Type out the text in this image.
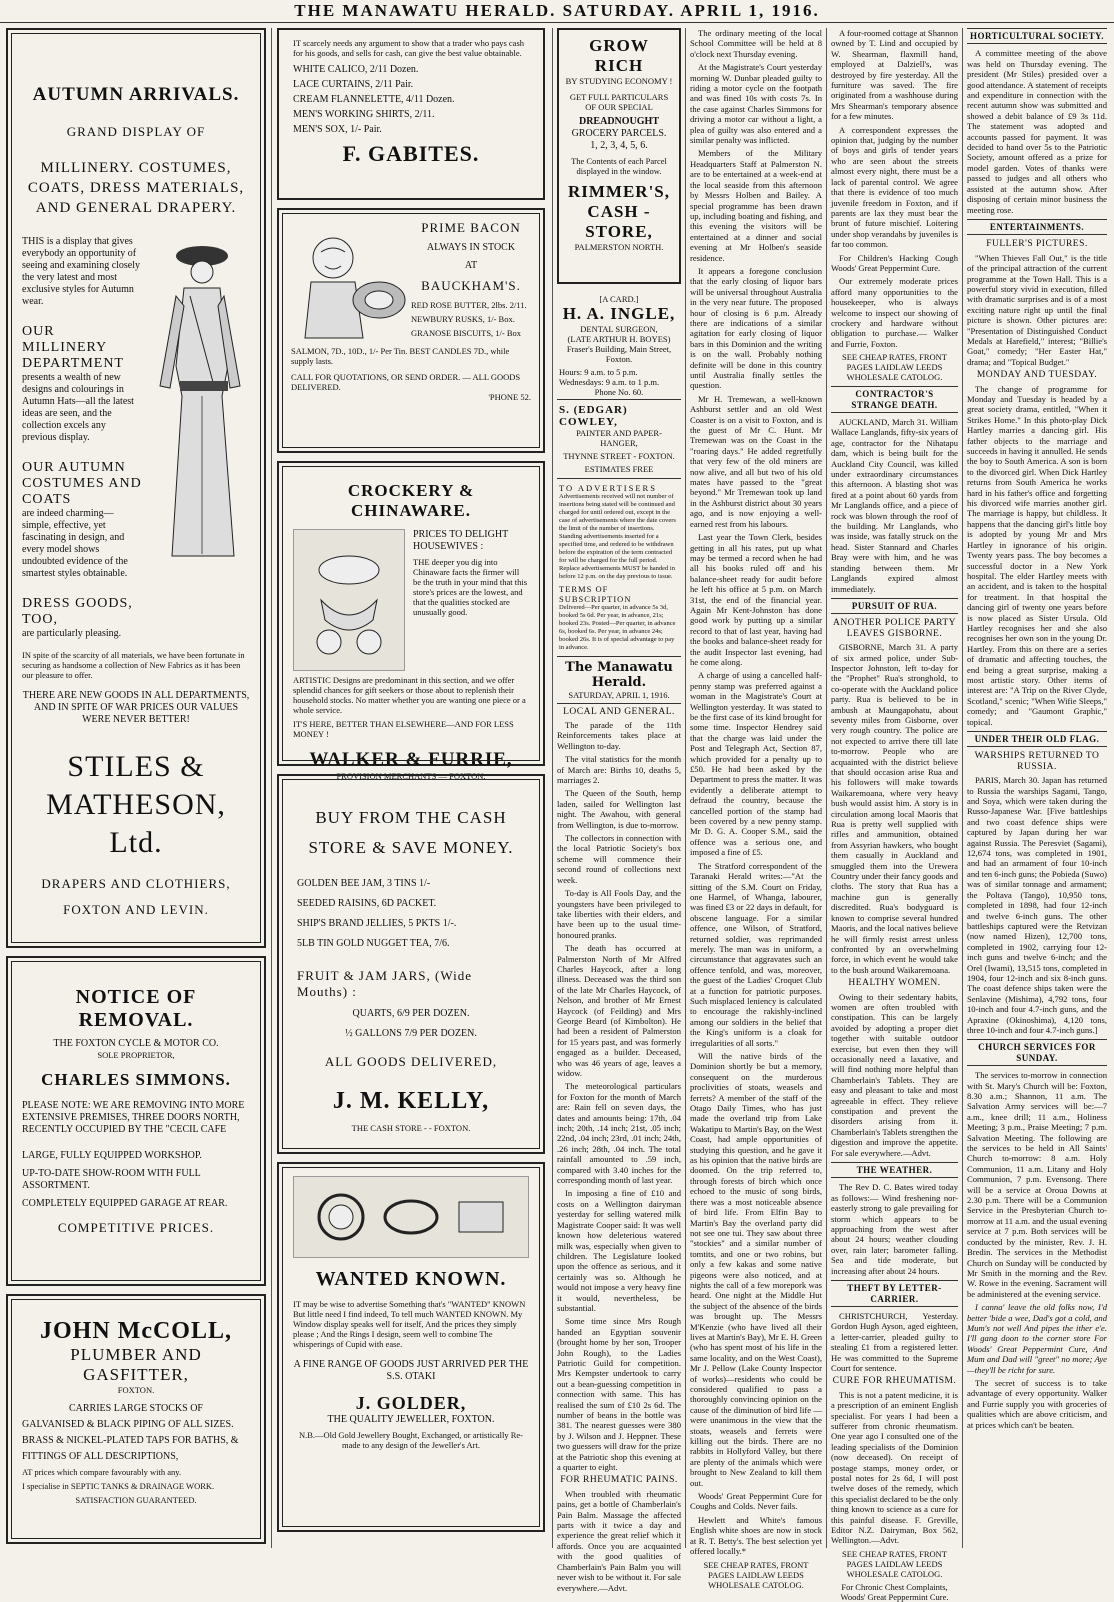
THE MANAWATU HERALD. SATURDAY. APRIL 1, 1916.
AUTUMN ARRIVALS.
GRAND DISPLAY OF
MILLINERY. COSTUMES, COATS, DRESS MATERIALS, AND GENERAL DRAPERY.
THIS is a display that gives everybody an opportunity of seeing and examining closely the very latest and most exclusive styles for Autumn wear.
OUR MILLINERY DEPARTMENT
presents a wealth of new designs and colourings in Autumn Hats—all the latest ideas are seen, and the collection excels any previous display.
OUR AUTUMN COSTUMES AND COATS
are indeed charming—simple, effective, yet fascinating in design, and every model shows undoubted evidence of the smartest styles obtainable.
DRESS GOODS, TOO,
are particularly pleasing.
IN spite of the scarcity of all materials, we have been fortunate in securing as handsome a collection of New Fabrics as it has been our pleasure to offer.
THERE ARE NEW GOODS IN ALL DEPARTMENTS, AND IN SPITE OF WAR PRICES OUR VALUES WERE NEVER BETTER!
STILES & MATHESON, Ltd.
DRAPERS AND CLOTHIERS,
FOXTON AND LEVIN.
NOTICE OF REMOVAL.
THE FOXTON CYCLE & MOTOR CO.
SOLE PROPRIETOR,
CHARLES SIMMONS.
PLEASE NOTE: WE ARE REMOVING INTO MORE EXTENSIVE PREMISES, THREE DOORS NORTH, RECENTLY OCCUPIED BY THE "CECIL CAFE
LARGE, FULLY EQUIPPED WORKSHOP.
UP-TO-DATE SHOW-ROOM WITH FULL ASSORTMENT.
COMPLETELY EQUIPPED GARAGE AT REAR.
COMPETITIVE PRICES.
JOHN McCOLL,
PLUMBER AND GASFITTER,
FOXTON.
CARRIES LARGE STOCKS OF
GALVANISED & BLACK PIPING OF ALL SIZES.
BRASS & NICKEL-PLATED TAPS FOR BATHS, &
FITTINGS OF ALL DESCRIPTIONS,
AT prices which compare favourably with any.
I specialise in SEPTIC TANKS & DRAINAGE WORK.
SATISFACTION GUARANTEED.
IT scarcely needs any argument to show that a trader who pays cash for his goods, and sells for cash, can give the best value obtainable.
WHITE CALICO, 2/11 Dozen.
LACE CURTAINS, 2/11 Pair.
CREAM FLANNELETTE, 4/11 Dozen.
MEN'S WORKING SHIRTS, 2/11.
MEN'S SOX, 1/- Pair.
F. GABITES.
PRIME BACON
ALWAYS IN STOCK
AT
BAUCKHAM'S.
RED ROSE BUTTER, 2lbs. 2/11.
NEWBURY RUSKS, 1/- Box.
GRANOSE BISCUITS, 1/- Box
SALMON, 7D., 10D., 1/- Per Tin. BEST CANDLES 7D., while supply lasts.
CALL FOR QUOTATIONS, OR SEND ORDER. — ALL GOODS DELIVERED.
'PHONE 52.
CROCKERY & CHINAWARE.
PRICES TO DELIGHT HOUSEWIVES :
THE deeper you dig into Chinaware facts the firmer will be the truth in your mind that this store's prices are the lowest, and that the qualities stocked are unusually good.
ARTISTIC Designs are predominant in this section, and we offer splendid chances for gift seekers or those about to replenish their household stocks. No matter whether you are wanting one piece or a whole service.
IT'S HERE, BETTER THAN ELSEWHERE—AND FOR LESS MONEY !
WALKER & FURRIE,
PROVISION MERCHANTS — FOXTON.
BUY FROM THE CASH
STORE & SAVE MONEY.
GOLDEN BEE JAM, 3 TINS 1/-
SEEDED RAISINS, 6D PACKET.
SHIP'S BRAND JELLIES, 5 PKTS 1/-.
5LB TIN GOLD NUGGET TEA, 7/6.
FRUIT & JAM JARS, (Wide Mouths) :
QUARTS, 6/9 PER DOZEN.
½ GALLONS 7/9 PER DOZEN.
ALL GOODS DELIVERED,
J. M. KELLY,
THE CASH STORE - - FOXTON.
WANTED KNOWN.
IT may be wise to advertise Something that's "WANTED" KNOWN But little need I find indeed, To tell much WANTED KNOWN. My Window display speaks well for itself, And the prices they simply please ; And the Rings I design, seem well to combine The whisperings of Cupid with ease.
A FINE RANGE OF GOODS JUST ARRIVED PER THE S.S. OTAKI
J. GOLDER,
THE QUALITY JEWELLER, FOXTON.
N.B.—Old Gold Jewellery Bought, Exchanged, or artistically Re-made to any design of the Jeweller's Art.
GROW RICH
BY STUDYING ECONOMY !
GET FULL PARTICULARS OF OUR SPECIAL
DREADNOUGHT
GROCERY PARCELS.
1, 2, 3, 4, 5, 6.
The Contents of each Parcel displayed in the window.
RIMMER'S,
CASH - STORE,
PALMERSTON NORTH.
[A CARD.]
H. A. INGLE,
DENTAL SURGEON,
(LATE ARTHUR H. BOYES)
Fraser's Building, Main Street, Foxton.
Hours: 9 a.m. to 5 p.m. Wednesdays: 9 a.m. to 1 p.m.
Phone No. 60.
S. (EDGAR) COWLEY,
PAINTER AND PAPER-HANGER,
THYNNE STREET - FOXTON.
ESTIMATES FREE
TO ADVERTISERS
Advertisements received will not number of insertions being stated will be continued and charged for until ordered out, except in the case of advertisements where the date covers the limit of the number of insertions. Standing advertisements inserted for a specified time, and ordered to be withdrawn before the expiration of the term contracted for will be charged for the full period. Replace advertisements MUST be handed in before 12 p.m. on the day previous to issue.
TERMS OF SUBSCRIPTION
Delivered—Per quarter, in advance 5s 3d, booked 5s 6d. Per year, in advance, 21s; booked 23s. Posted—Per quarter, in advance 6s, booked 6s. Per year, in advance 24s; booked 26s. It is of special advantage to pay in advance.
The Manawatu Herald.
SATURDAY, APRIL 1, 1916.
LOCAL AND GENERAL.

The parade of the 11th Reinforcements takes place at Wellington to-day.

The vital statistics for the month of March are: Births 10, deaths 5, marriages 2.

The Queen of the South, hemp laden, sailed for Wellington last night. The Awahou, with general from Wellington, is due to-morrow.

The collectors in connection with the local Patriotic Society's box scheme will commence their second round of collections next week.

To-day is All Fools Day, and the youngsters have been privileged to take liberties with their elders, and have been up to the usual time-honoured pranks.

The death has occurred at Palmerston North of Mr Alfred Charles Haycock, after a long illness. Deceased was the third son of the late Mr Charles Haycock, of Nelson, and brother of Mr Ernest Haycock (of Feilding) and Mrs George Beard (of Kimbolton). He had been a resident of Palmerston for 15 years past, and was formerly engaged as a builder. Deceased, who was 46 years of age, leaves a widow.

The meteorological particulars for Foxton for the month of March are: Rain fell on seven days, the dates and amounts being: 17th, .04 inch; 20th, .14 inch; 21st, .05 inch; 22nd, .04 inch; 23rd, .01 inch; 24th, .26 inch; 28th, .04 inch. The total rainfall amounted to .59 inch, compared with 3.40 inches for the corresponding month of last year.

In imposing a fine of £10 and costs on a Wellington dairyman yesterday for selling watered milk Magistrate Cooper said: It was well known how deleterious watered milk was, especially when given to children. The Legislature looked upon the offence as serious, and it certainly was so. Although he would not impose a very heavy fine it would, nevertheless, be substantial.

Some time since Mrs Rough handed an Egyptian souvenir (brought home by her son, Trooper John Rough), to the Ladies Patriotic Guild for competition. Mrs Kempster undertook to carry out a bean-guessing competition in connection with same. This has realised the sum of £10 2s 6d. The number of beans in the bottle was 381. The nearest guesses were 380 by J. Wilson and J. Heppner. These two guessers will draw for the prize at the Patriotic shop this evening at a quarter to eight.

FOR RHEUMATIC PAINS.

When troubled with rheumatic pains, get a bottle of Chamberlain's Pain Balm. Massage the affected parts with it twice a day and experience the great relief which it affords. Once you are acquainted with the good qualities of Chamberlain's Pain Balm you will never wish to be without it. For sale everywhere.—Advt.

The ordinary meeting of the local School Committee will be held at 8 o'clock next Thursday evening.

At the Magistrate's Court yesterday morning W. Dunbar pleaded guilty to riding a motor cycle on the footpath and was fined 10s with costs 7s. In the case against Charles Simmons for driving a motor car without a light, a plea of guilty was also entered and a similar penalty was inflicted.

Members of the Military Headquarters Staff at Palmerston N. are to be entertained at a week-end at the local seaside from this afternoon by Messrs Holben and Bailey. A special programme has been drawn up, including boating and fishing, and this evening the visitors will be entertained at a dinner and social evening at Mr Holben's seaside residence.

It appears a foregone conclusion that the early closing of liquor bars will be universal throughout Australia in the very near future. The proposed hour of closing is 6 p.m. Already there are indications of a similar agitation for early closing of liquor bars in this Dominion and the writing is on the wall. Probably nothing definite will be done in this country until Australia finally settles the question.

Mr H. Tremewan, a well-known Ashburst settler and an old West Coaster is on a visit to Foxton, and is the guest of Mr C. Hunt. Mr Tremewan was on the Coast in the "roaring days." He added regretfully that very few of the old miners are now alive, and all but two of his old mates have passed to the "great beyond." Mr Tremewan took up land in the Ashburst district about 30 years ago, and is now enjoying a well-earned rest from his labours.

Last year the Town Clerk, besides getting in all his rates, put up what may be termed a record when he had all his books ruled off and his balance-sheet ready for audit before he left his office at 5 p.m. on March 31st, the end of the financial year. Again Mr Kent-Johnston has done good work by putting up a similar record to that of last year, having had the books and balance-sheet ready for the audit Inspector last evening, had he come along.

A charge of using a cancelled half-penny stamp was preferred against a woman in the Magistrate's Court at Wellington yesterday. It was stated to be the first case of its kind brought for some time. Inspector Hendrey said that the charge was laid under the Post and Telegraph Act, Section 87, which provided for a penalty up to £50. He had been asked by the Department to press the matter. It was evidently a deliberate attempt to defraud the country, because the cancelled portion of the stamp had been covered by a new penny stamp. Mr D. G. A. Cooper S.M., said the offence was a serious one, and imposed a fine of £5.

The Stratford correspondent of the Taranaki Herald writes:—"At the sitting of the S.M. Court on Friday, one Harmel, of Whanga, labourer, was fined £3 or 22 days in default, for obscene language. For a similar offence, one Wilson, of Stratford, returned soldier, was reprimanded merely. The man was in uniform, a circumstance that aggravates such an offence tenfold, and was, moreover, the guest of the Ladies' Croquet Club at a function for patriotic purposes. Such misplaced leniency is calculated to encourage the rakishly-inclined among our soldiers in the belief that the King's uniform is a cloak for irregularities of all sorts."

Will the native birds of the Dominion shortly be but a memory, consequent on the murderous proclivities of stoats, weasels and ferrets? A member of the staff of the Otago Daily Times, who has just made the overland trip from Lake Wakatipu to Martin's Bay, on the West Coast, had ample opportunities of studying this question, and he gave it as his opinion that the native birds are doomed. On the trip referred to, through forests of birch which once echoed to the music of song birds, there was a most noticeable absence of bird life. From Elfin Bay to Martin's Bay the overland party did not see one tui. They saw about three "stockies" and a similar number of tomtits, and one or two robins, but only a few kakas and some native pigeons were also noticed, and at nights the call of a few morepork was heard. One night at the Middle Hut the subject of the absence of the birds was brought up. The Messrs M'Kenzie (who have lived all their lives at Martin's Bay), Mr E. H. Green (who has spent most of his life in the same locality, and on the West Coast), Mr J. Pellow (Lake County Inspector of works)—residents who could be considered qualified to pass a thoroughly convincing opinion on the cause of the diminution of bird life — were unanimous in the view that the stoats, weasels and ferrets were killing out the birds. There are no rabbits in Hollyford Valley, but there are plenty of the animals which were brought to New Zealand to kill them out.

Woods' Great Peppermint Cure for Coughs and Colds. Never fails.

Hewlett and White's famous English white shoes are now in stock at R. T. Betty's. The best selection yet offered locally.*

SEE CHEAP RATES, FRONT PAGES LAIDLAW LEEDS WHOLESALE CATOLOG.

A four-roomed cottage at Shannon owned by T. Lind and occupied by W. Shearman, flaxmill hand, employed at Dalziell's, was destroyed by fire yesterday. All the furniture was saved. The fire originated from a washhouse during Mrs Shearman's temporary absence for a few minutes.

A correspondent expresses the opinion that, judging by the number of boys and girls of tender years who are seen about the streets almost every night, there must be a lack of parental control. We agree that there is evidence of too much juvenile freedom in Foxton, and if parents are lax they must bear the brunt of future mischief. Loitering under shop verandahs by juveniles is far too common.

For Children's Hacking Cough Woods' Great Peppermint Cure.

Our extremely moderate prices afford many opportunities to the housekeeper, who is always welcome to inspect our showing of crockery and hardware without obligation to purchase.— Walker and Furrie, Foxton.

SEE CHEAP RATES, FRONT PAGES LAIDLAW LEEDS WHOLESALE CATOLOG.
CONTRACTOR'S STRANGE DEATH.

AUCKLAND, March 31. William Wallace Langlands, fifty-six years of age, contractor for the Nihatapu dam, which is being built for the Auckland City Council, was killed under extraordinary circumstances this afternoon. A blasting shot was fired at a point about 60 yards from Mr Langlands office, and a piece of rock was blown through the roof of the building. Mr Langlands, who was inside, was fatally struck on the head. Sister Stannard and Charles Bray were with him, and he was standing between them. Mr Langlands expired almost immediately.

PURSUIT OF RUA.
ANOTHER POLICE PARTY LEAVES GISBORNE.

GISBORNE, March 31. A party of six armed police, under Sub-Inspector Johnston, left to-day for the "Prophet" Rua's stronghold, to co-operate with the Auckland police party. Rua is believed to be in ambush at Maungapohatu, about seventy miles from Gisborne, over very rough country. The police are not expected to arrive there till late to-morrow. People who are acquainted with the district believe that should occasion arise Rua and his followers will make towards Waikaremoana, where very heavy bush would assist him. A story is in circulation among local Maoris that Rua is pretty well supplied with rifles and ammunition, obtained from Assyrian hawkers, who bought them casually in Auckland and smuggled them into the Urewera Country under their fancy goods and cloths. The story that Rua has a machine gun is generally discredited. Rua's bodyguard is known to comprise several hundred Maoris, and the local natives believe he will firmly resist arrest unless confronted by an overwhelming force, in which event he would take to the bush around Waikaremoana.

HEALTHY WOMEN.

Owing to their sedentary habits, women are often troubled with constipation. This can be largely avoided by adopting a proper diet together with suitable outdoor exercise, but even then they will occasionally need a laxative, and will find nothing more helpful than Chamberlain's Tablets. They are easy and pleasant to take and most agreeable in effect. They relieve constipation and prevent the disorders arising from it. Chamberlain's Tablets strengthen the digestion and improve the appetite. For sale everywhere.—Advt.

THE WEATHER.

The Rev D. C. Bates wired today as follows:— Wind freshening nor-easterly strong to gale prevailing for storm which appears to be approaching from the west after about 24 hours; weather clouding over, rain later; barometer falling. Sea and tide moderate, but increasing after about 24 hours.

THEFT BY LETTER-CARRIER.

CHRISTCHURCH, Yesterday. Gordon Hugh Ayson, aged eighteen, a letter-carrier, pleaded guilty to stealing £1 from a registered letter. He was committed to the Supreme Court for sentence.

CURE FOR RHEUMATISM.

This is not a patent medicine, it is a prescription of an eminent English specialist. For years I had been a sufferer from chronic rheumatism. One year ago I consulted one of the leading specialists of the Dominion (now deceased). On receipt of postage stamps, money order, or postal notes for 2s 6d, I will post twelve doses of the remedy, which this specialist declared to be the only thing known to science as a cure for this painful disease. F. Greville, Editor N.Z. Dairyman, Box 562, Wellington.—Advt.

SEE CHEAP RATES, FRONT PAGES LAIDLAW LEEDS WHOLESALE CATOLOG.
For Chronic Chest Complaints, Woods' Great Peppermint Cure.
HORTICULTURAL SOCIETY.

A committee meeting of the above was held on Thursday evening. The president (Mr Stiles) presided over a good attendance. A statement of receipts and expenditure in connection with the recent autumn show was submitted and showed a debit balance of £9 3s 11d. The statement was adopted and accounts passed for payment. It was decided to hand over 5s to the Patriotic Society, amount offered as a prize for model garden. Votes of thanks were passed to judges and all others who assisted at the autumn show. After disposing of certain minor business the meeting rose.

ENTERTAINMENTS.
FULLER'S PICTURES.

"When Thieves Fall Out," is the title of the principal attraction of the current programme at the Town Hall. This is a powerful story vivid in execution, filled with dramatic surprises and is of a most exciting nature right up until the final picture is shown. Other pictures are: "Presentation of Distinguished Conduct Medals at Harefield," interest; "Billie's Goat," comedy; "Her Easter Hat," drama; and "Topical Budget."

MONDAY AND TUESDAY.

The change of programme for Monday and Tuesday is headed by a great society drama, entitled, "When it Strikes Home." In this photo-play Dick Hartley marries a dancing girl. His father objects to the marriage and succeeds in having it annulled. He sends the boy to South America. A son is born to the divorced girl. When Dick Hartley returns from South America he works hard in his father's office and forgetting his divorced wife marries another girl. The marriage is happy, but childless. It happens that the dancing girl's little boy is adopted by young Mr and Mrs Hartley in ignorance of his origin. Twenty years pass. The boy becomes a successful doctor in a New York hospital. The elder Hartley meets with an accident, and is taken to the hospital for treatment. In that hospital the dancing girl of twenty one years before is now placed as Sister Ursula. Old Hartley recognises her and she also recognises her own son in the young Dr. Hartley. From this on there are a series of dramatic and affecting touches, the end being a great surprise, making a most artistic story. Other items of interest are: "A Trip on the River Clyde, Scotland," scenic; "When Wifie Sleeps," comedy; and "Gaumont Graphic," topical.

UNDER THEIR OLD FLAG.
WARSHIPS RETURNED TO RUSSIA.

PARIS, March 30. Japan has returned to Russia the warships Sagami, Tango, and Soya, which were taken during the Russo-Japanese War. [Five battleships and two coast defence ships were captured by Japan during her war against Russia. The Peresviet (Sagami), 12,674 tons, was completed in 1901, and had an armament of four 10-inch and ten 6-inch guns; the Pobieda (Suwo) was of similar tonnage and armament; the Poltava (Tango), 10,950 tons, completed in 1898, had four 12-inch and twelve 6-inch guns. The other battleships captured were the Retvizan (now named Hizen), 12,700 tons, completed in 1902, carrying four 12-inch guns and twelve 6-inch; and the Orel (Iwami), 13,515 tons, completed in 1904, four 12-inch and six 8-inch guns. The coast defence ships taken were the Senlavine (Mishima), 4,792 tons, four 10-inch and four 4.7-inch guns, and the Apraxine (Okinoshima), 4,120 tons, three 10-inch and four 4.7-inch guns.]

CHURCH SERVICES FOR SUNDAY.

The services to-morrow in connection with St. Mary's Church will be: Foxton, 8.30 a.m.; Shannon, 11 a.m. The Salvation Army services will be:—7 a.m., knee drill; 11 a.m., Holiness Meeting; 3 p.m., Praise Meeting; 7 p.m. Salvation Meeting. The following are the services to be held in All Saints' Church to-morrow: 8 a.m. Holy Communion, 11 a.m. Litany and Holy Communion, 7 p.m. Evensong. There will be a service at Oroua Downs at 2.30 p.m. There will be a Communion Service in the Presbyterian Church to-morrow at 11 a.m. and the usual evening service at 7 p.m. Both services will be conducted by the minister, Rev. J. H. Bredin. The services in the Methodist Church on Sunday will be conducted by Mr Smith in the morning and the Rev. W. Rowe in the evening. Sacrament will be administered at the evening service.

I canna' leave the old folks now, I'd better 'bide a wee, Dad's got a cold, and Mum's not well And pipes the ither e'e. I'll gang doon to the corner store For Woods' Great Peppermint Cure, And Mum and Dad will "greet" no more; Aye—they'll be richt for sure.

The secret of success is to take advantage of every opportunity. Walker and Furrie supply you with groceries of qualities which are above criticism, and at prices which can't be beaten.
